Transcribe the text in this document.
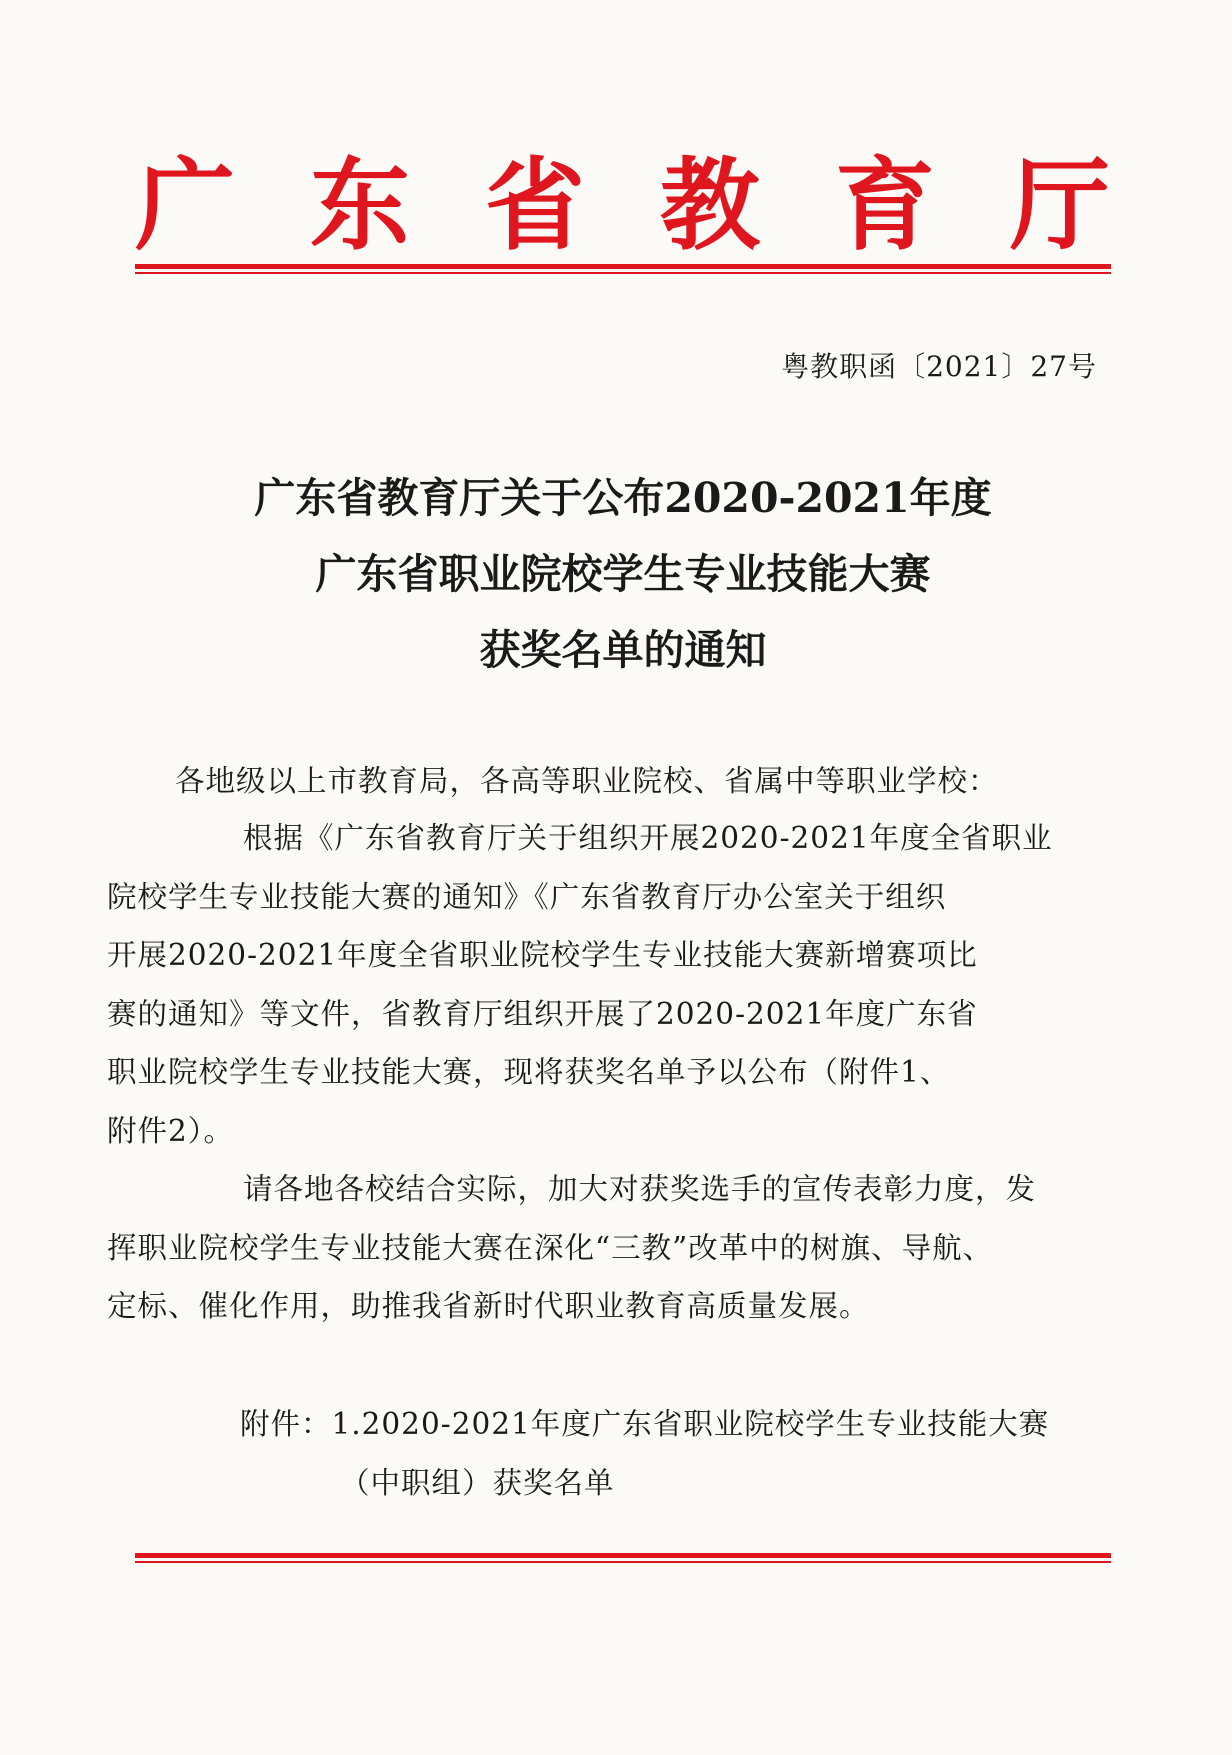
广 东 省 教 育 厅
粤教职函〔2021〕27号
广东省教育厅关于公布2020-2021年度
广东省职业院校学生专业技能大赛
获奖名单的通知
各地级以上市教育局，各高等职业院校、省属中等职业学校：
根据《广东省教育厅关于组织开展2020-2021年度全省职业
院校学生专业技能大赛的通知》《广东省教育厅办公室关于组织
开展2020-2021年度全省职业院校学生专业技能大赛新增赛项比
赛的通知》等文件，省教育厅组织开展了2020-2021年度广东省
职业院校学生专业技能大赛，现将获奖名单予以公布（附件1、
附件2）。
请各地各校结合实际，加大对获奖选手的宣传表彰力度，发
挥职业院校学生专业技能大赛在深化“三教”改革中的树旗、导航、
定标、催化作用，助推我省新时代职业教育高质量发展。
附件：1.2020-2021年度广东省职业院校学生专业技能大赛
（中职组）获奖名单
